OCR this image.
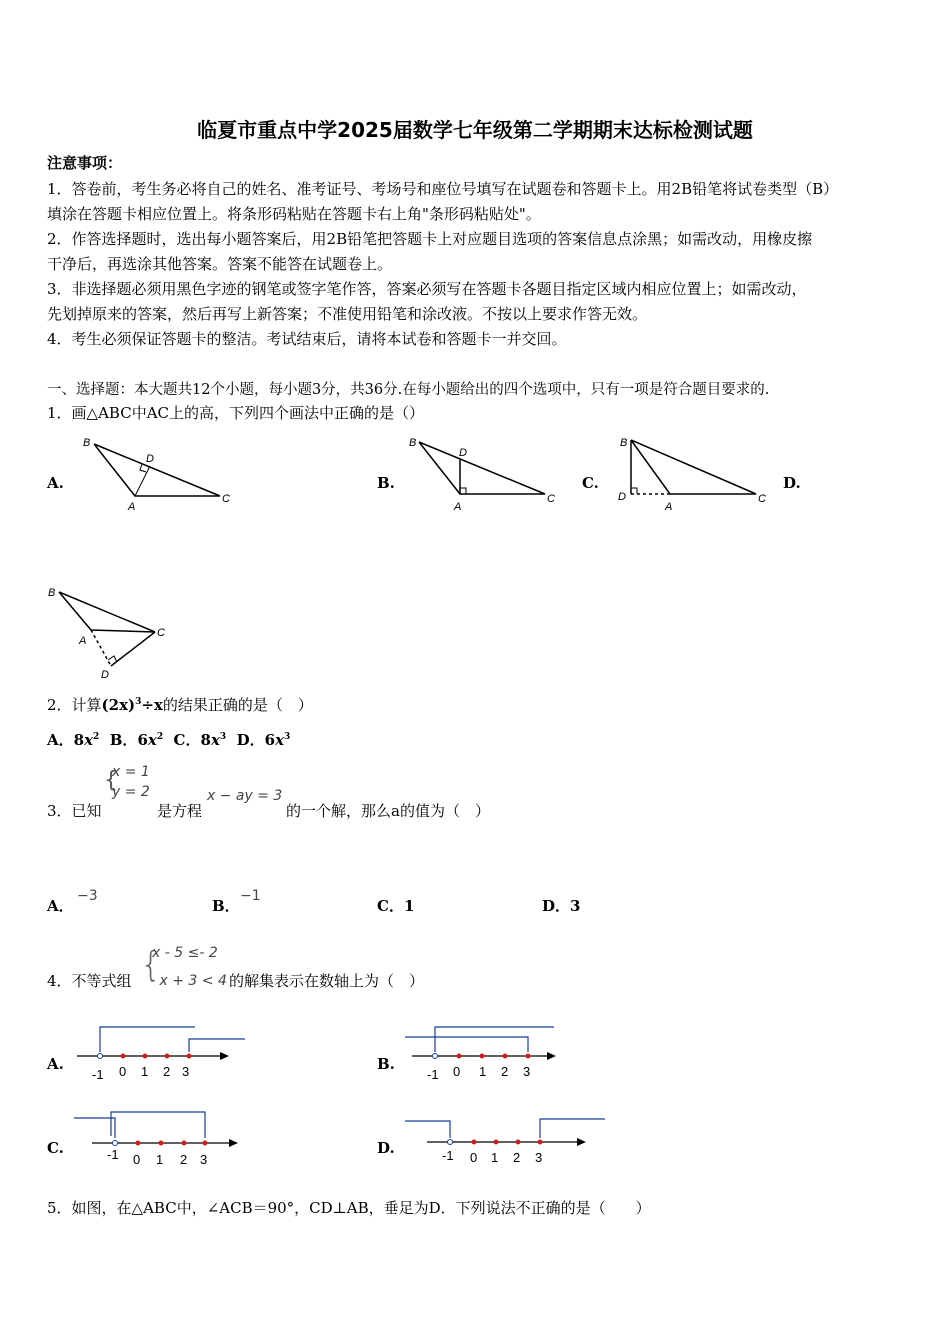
临夏市重点中学2025届数学七年级第二学期期末达标检测试题
注意事项：
1．答卷前，考生务必将自己的姓名、准考证号、考场号和座位号填写在试题卷和答题卡上。用2B铅笔将试卷类型（B）
填涂在答题卡相应位置上。将条形码粘贴在答题卡右上角"条形码粘贴处"。
2．作答选择题时，选出每小题答案后，用2B铅笔把答题卡上对应题目选项的答案信息点涂黑；如需改动，用橡皮擦
干净后，再选涂其他答案。答案不能答在试题卷上。
3．非选择题必须用黑色字迹的钢笔或签字笔作答，答案必须写在答题卡各题目指定区域内相应位置上；如需改动，
先划掉原来的答案，然后再写上新答案；不准使用铅笔和涂改液。不按以上要求作答无效。
4．考生必须保证答题卡的整洁。考试结束后，请将本试卷和答题卡一并交回。
一、选择题：本大题共12个小题，每小题3分，共36分.在每小题给出的四个选项中，只有一项是符合题目要求的.
1．画△ABC中AC上的高，下列四个画法中正确的是（）
A.
B
D
A
C
B.
B
D
A
C
C.
B
D
A
C
D.
B
A
C
D
2．计算$(2x)^3\div x$的结果正确的是（　）
A．$8x^2$ B．$6x^2$ C．$8x^3$ D．$6x^3$
3．已知
{
x = 1
y = 2
是方程
x − ay = 3
的一个解，那么a的值为（　）
A．
−3
B．
−1
C．1	D．3
4．不等式组 {
x - 5 ≤- 2
- x + 3 < 4 的解集表示在数轴上为（　）
A.
-1 0 1 2 3	B.
-1 0 1 2 3
C.	-1 0 1 2 3
D.	-1 0 1 2 3
5．如图，在△ABC中，∠ACB＝90°，CD⊥AB，垂足为D．下列说法不正确的是（　　）
